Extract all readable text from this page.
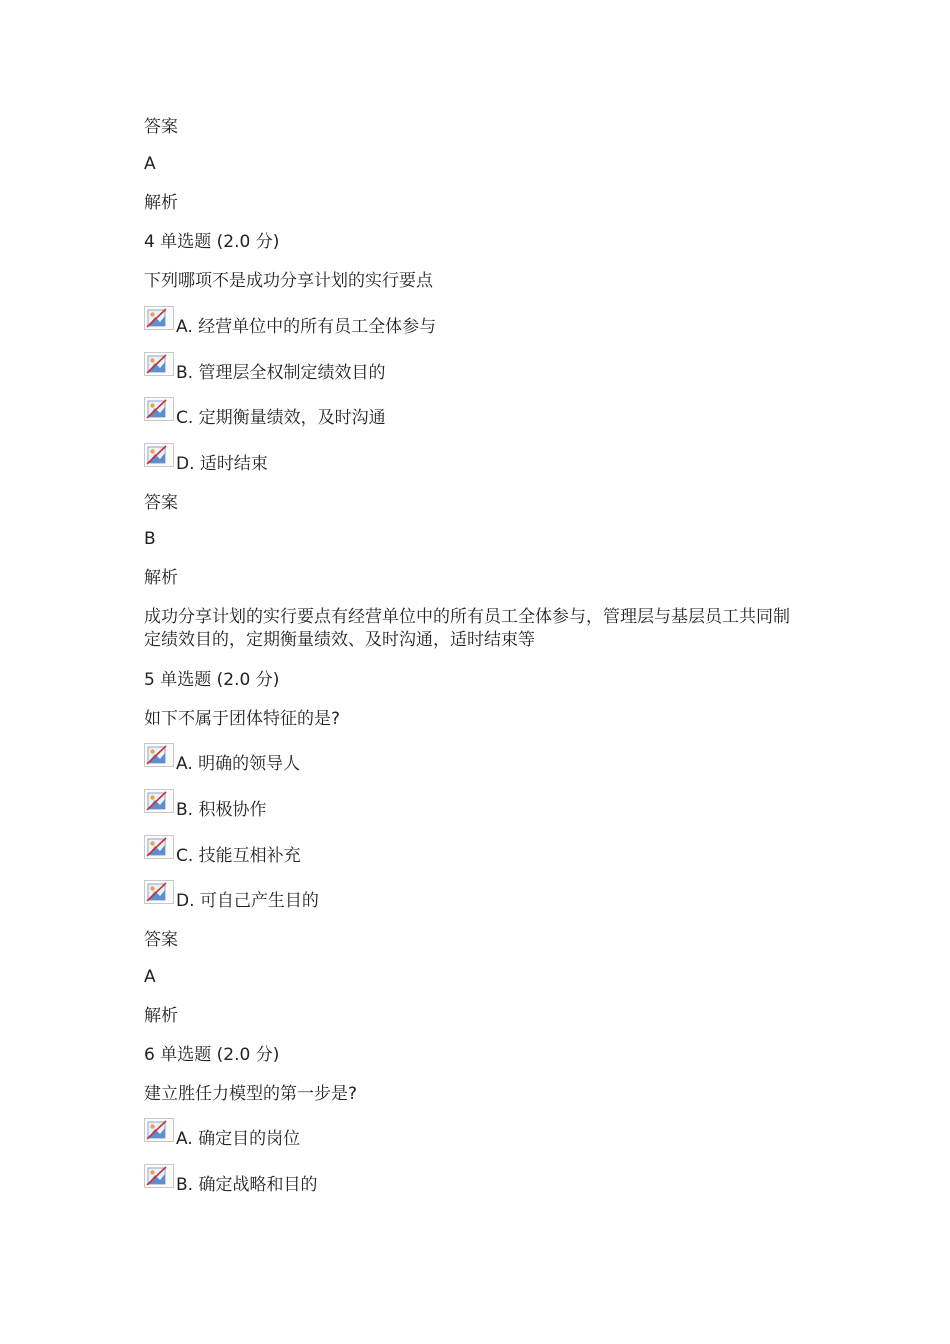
答案
A
解析
4 单选题 (2.0 分)
下列哪项不是成功分享计划的实行要点
A. 经营单位中的所有员工全体参与
B. 管理层全权制定绩效目的
C. 定期衡量绩效，及时沟通
D. 适时结束
答案
B
解析
成功分享计划的实行要点有经营单位中的所有员工全体参与，管理层与基层员工共同制定绩效目的，定期衡量绩效、及时沟通，适时结束等
5 单选题 (2.0 分)
如下不属于团体特征的是?
A. 明确的领导人
B. 积极协作
C. 技能互相补充
D. 可自己产生目的
答案
A
解析
6 单选题 (2.0 分)
建立胜任力模型的第一步是?
A. 确定目的岗位
B. 确定战略和目的
